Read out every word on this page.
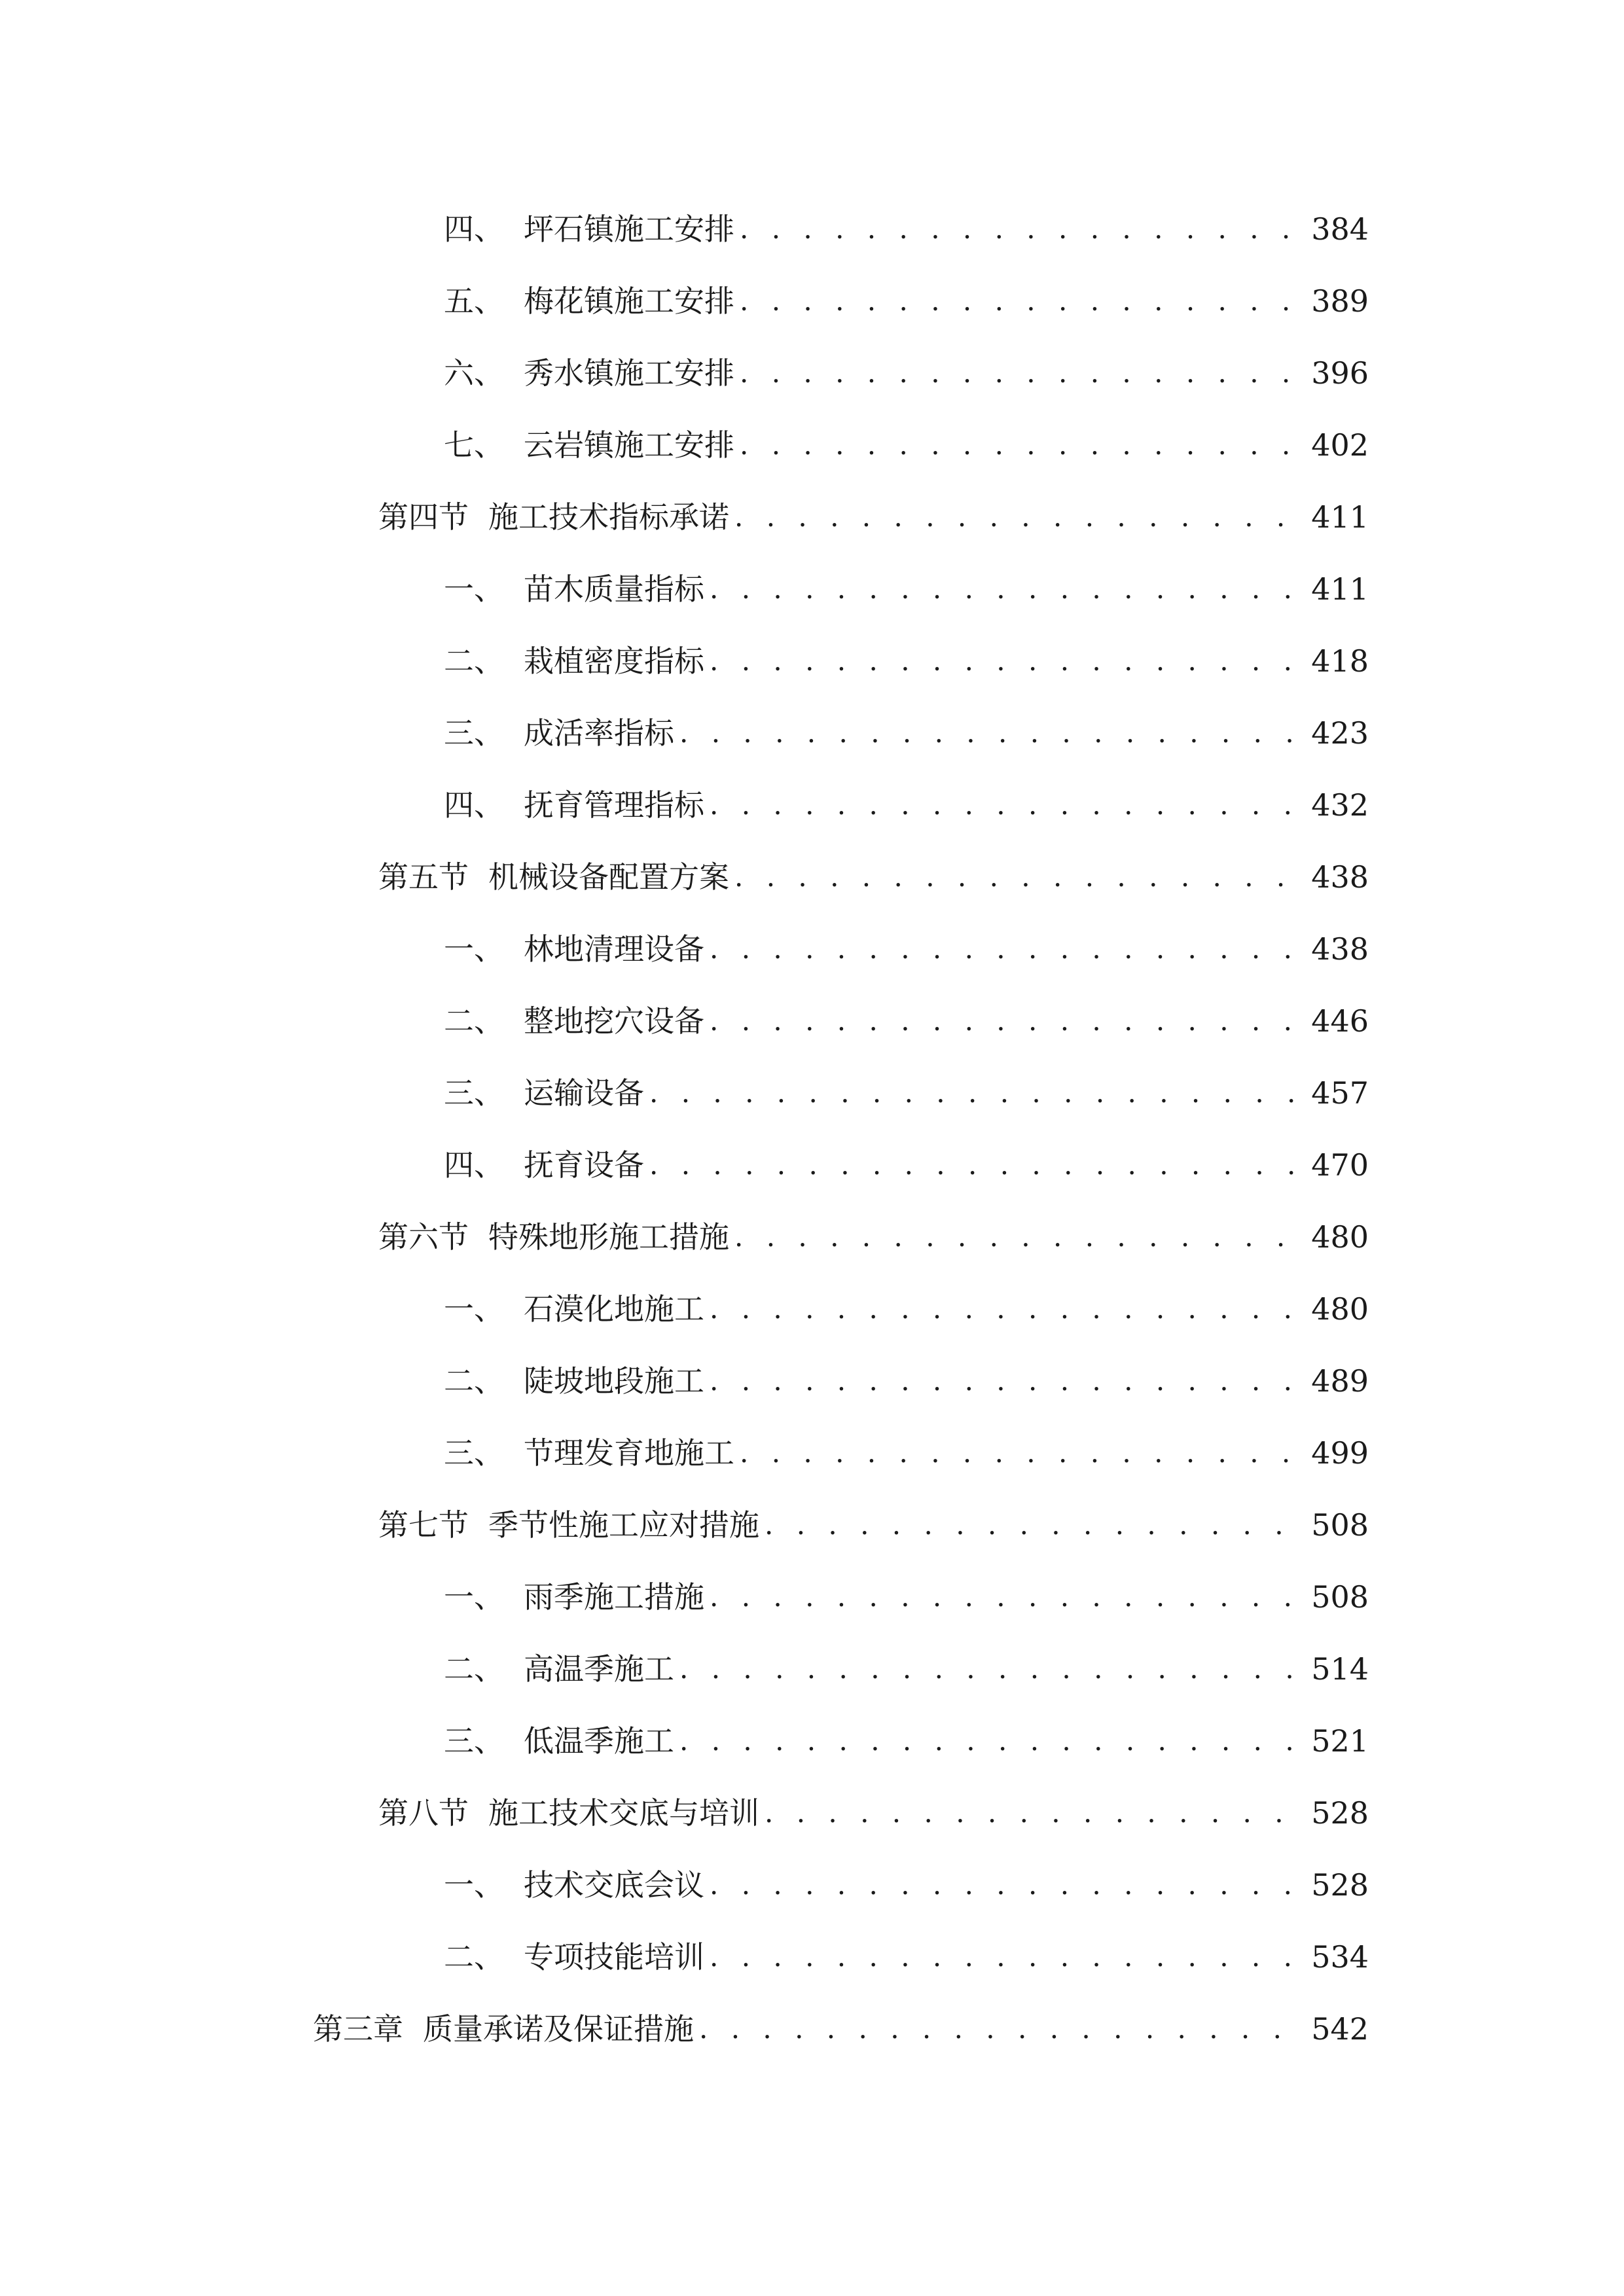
四、 坪石镇施工安排 . . .	384
五、 梅花镇施工安排 . . .	389
六、 秀水镇施工安排 . . .	396
七、 云岩镇施工安排 . . .	402
第四节 施工技术指标承诺 . . .	411
一、 苗木质量指标 . . .	411
二、 栽植密度指标 . . .	418
三、 成活率指标 . . .	423
四、 抚育管理指标 . . .	432
第五节 机械设备配置方案 . . .	438
一、 林地清理设备 . . .	438
二、 整地挖穴设备 . . .	446
三、 运输设备 . . .	457
四、 抚育设备 . . .	470
第六节 特殊地形施工措施 . . .	480
一、 石漠化地施工 . . .	480
二、 陡坡地段施工 . . .	489
三、 节理发育地施工 . . .	499
第七节 季节性施工应对措施 . . .	508
一、 雨季施工措施 . . .	508
二、 高温季施工 . . .	514
三、 低温季施工 . . .	521
第八节 施工技术交底与培训 . . .	528
一、 技术交底会议 . . .	528
二、 专项技能培训 . . .	534
第三章 质量承诺及保证措施 . . .	542
